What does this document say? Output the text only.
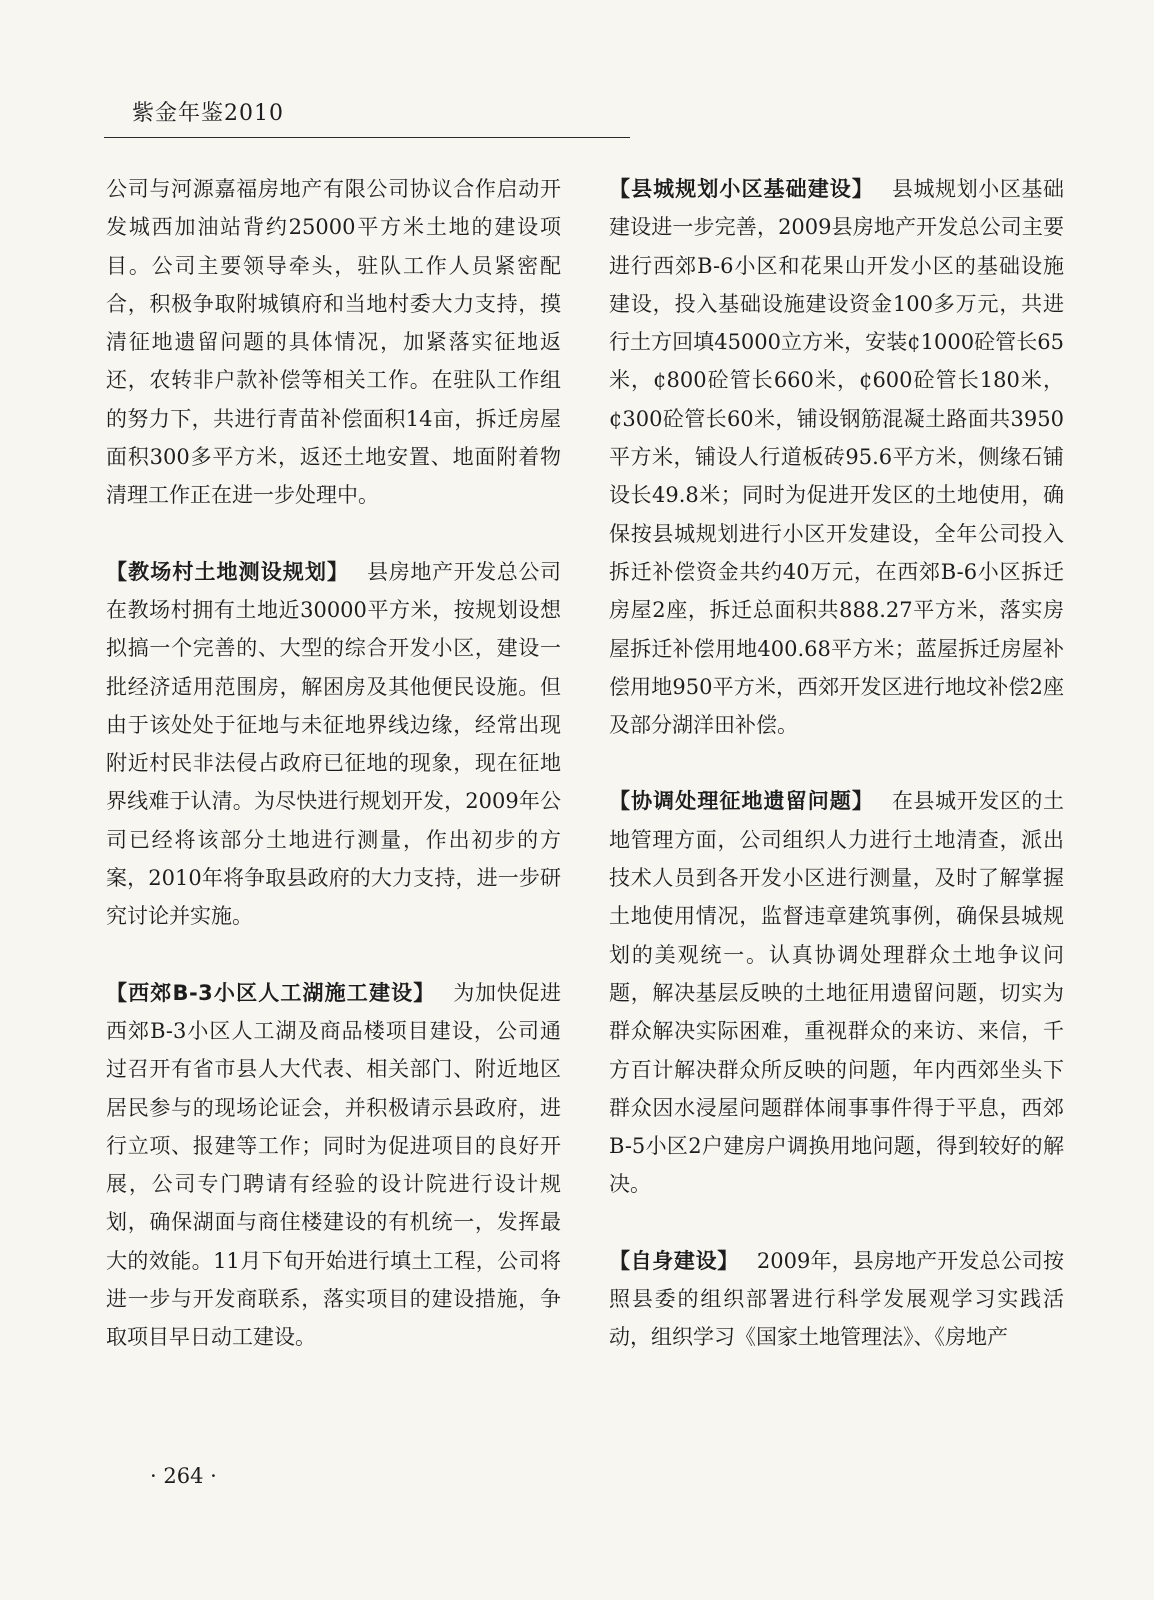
紫金年鉴2010

公司与河源嘉福房地产有限公司协议合作启动开发城西加油站背约25000平方米土地的建设项目。公司主要领导牵头，驻队工作人员紧密配合，积极争取附城镇府和当地村委大力支持，摸清征地遗留问题的具体情况，加紧落实征地返还，农转非户款补偿等相关工作。在驻队工作组的努力下，共进行青苗补偿面积14亩，拆迁房屋面积300多平方米，返还土地安置、地面附着物清理工作正在进一步处理中。

【教场村土地测设规划】 县房地产开发总公司在教场村拥有土地近30000平方米，按规划设想拟搞一个完善的、大型的综合开发小区，建设一批经济适用范围房，解困房及其他便民设施。但由于该处处于征地与未征地界线边缘，经常出现附近村民非法侵占政府已征地的现象，现在征地界线难于认清。为尽快进行规划开发，2009年公司已经将该部分土地进行测量，作出初步的方案，2010年将争取县政府的大力支持，进一步研究讨论并实施。

【西郊B-3小区人工湖施工建设】 为加快促进西郊B-3小区人工湖及商品楼项目建设，公司通过召开有省市县人大代表、相关部门、附近地区居民参与的现场论证会，并积极请示县政府，进行立项、报建等工作；同时为促进项目的良好开展，公司专门聘请有经验的设计院进行设计规划，确保湖面与商住楼建设的有机统一，发挥最大的效能。11月下旬开始进行填土工程，公司将进一步与开发商联系，落实项目的建设措施，争取项目早日动工建设。

【县城规划小区基础建设】 县城规划小区基础建设进一步完善，2009县房地产开发总公司主要进行西郊B-6小区和花果山开发小区的基础设施建设，投入基础设施建设资金100多万元，共进行土方回填45000立方米，安装¢1000砼管长65米，¢800砼管长660米，¢600砼管长180米，¢300砼管长60米，铺设钢筋混凝土路面共3950平方米，铺设人行道板砖95.6平方米，侧缘石铺设长49.8米；同时为促进开发区的土地使用，确保按县城规划进行小区开发建设，全年公司投入拆迁补偿资金共约40万元，在西郊B-6小区拆迁房屋2座，拆迁总面积共888.27平方米，落实房屋拆迁补偿用地400.68平方米；蓝屋拆迁房屋补偿用地950平方米，西郊开发区进行地坟补偿2座及部分湖洋田补偿。

【协调处理征地遗留问题】 在县城开发区的土地管理方面，公司组织人力进行土地清查，派出技术人员到各开发小区进行测量，及时了解掌握土地使用情况，监督违章建筑事例，确保县城规划的美观统一。认真协调处理群众土地争议问题，解决基层反映的土地征用遗留问题，切实为群众解决实际困难，重视群众的来访、来信，千方百计解决群众所反映的问题，年内西郊坐头下群众因水浸屋问题群体闹事事件得于平息，西郊B-5小区2户建房户调换用地问题，得到较好的解决。

【自身建设】 2009年，县房地产开发总公司按照县委的组织部署进行科学发展观学习实践活动，组织学习《国家土地管理法》、《房地产

· 264 ·
